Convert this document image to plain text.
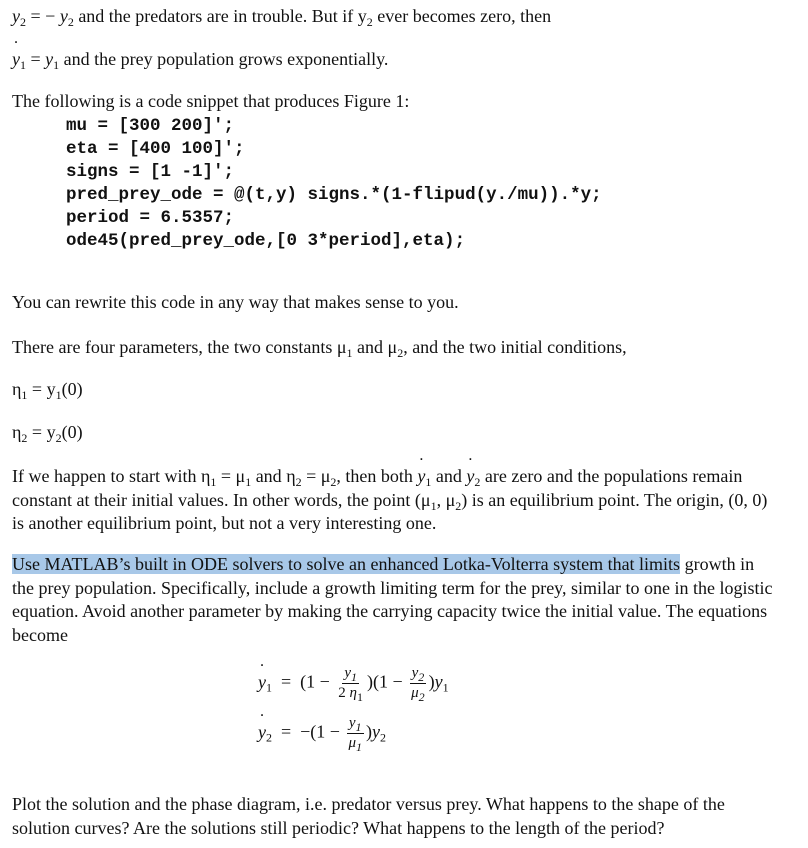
˙ $y_2$ = − $y_2$ and the predators are in trouble. But if $y_2$ ever becomes zero, then
˙ $y_1 = y_1$ and the prey population grows exponentially.
The following is a code snippet that produces Figure 1:
mu = [300 200]';
eta = [400 100]';
signs = [1 -1]';
pred_prey_ode = @(t,y) signs.*(1-flipud(y./mu)).*y;
period = 6.5357;
ode45(pred_prey_ode,[0 3*period],eta);
You can rewrite this code in any way that makes sense to you.
There are four parameters, the two constants $\mu_1$ and $\mu_2$, and the two initial conditions,
$\eta_1 = y_1(0)$
$\eta_2 = y_2(0)$
If we happen to start with $\eta_1 = \mu_1$ and $\eta_2 = \mu_2$, then both ˙ $y_1$ and ˙ $y_2$ are zero and the populations remain constant at their initial values. In other words, the point ($\mu_1$, $\mu_2$) is an equilibrium point. The origin, (0, 0) is another equilibrium point, but not a very interesting one.
Use MATLAB’s built in ODE solvers to solve an enhanced Lotka-Volterra system that limits growth in the prey population. Specifically, include a growth limiting term for the prey, similar to one in the logistic equation. Avoid another parameter by making the carrying capacity twice the initial value. The equations become
˙ $y_1 = (1 - \frac{y_1}{2 \eta_1} )(1 - \frac{y_2}{\mu_2} )y_1$
˙ $y_2 = -(1 - \frac{y_1}{\mu_1} )y_2$
Plot the solution and the phase diagram, i.e. predator versus prey. What happens to the shape of the solution curves? Are the solutions still periodic? What happens to the length of the period?
